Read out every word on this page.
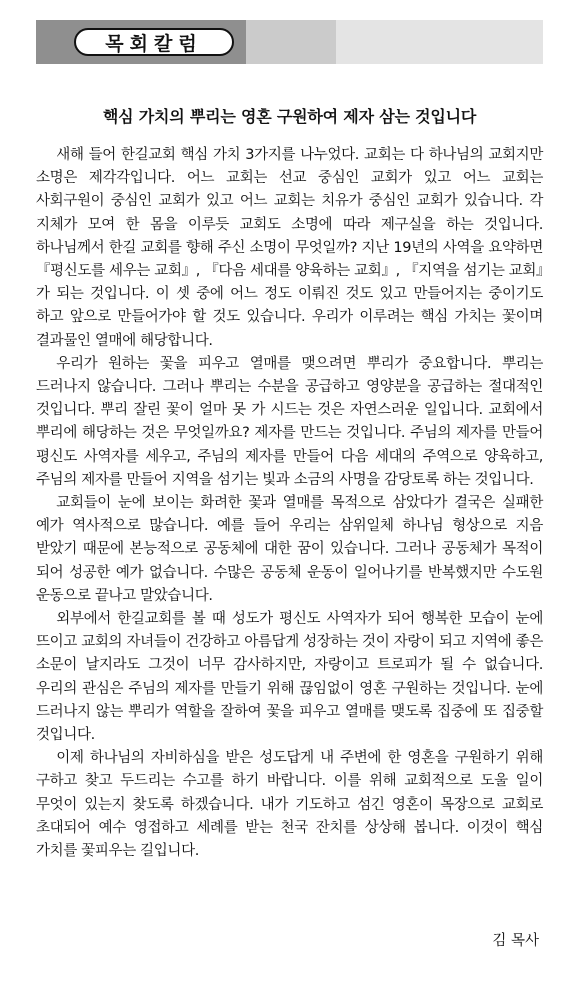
목회칼럼
핵심 가치의 뿌리는 영혼 구원하여 제자 삼는 것입니다

새해 들어 한길교회 핵심 가치 3가지를 나누었다. 교회는 다 하나님의 교회지만 소명은 제각각입니다. 어느 교회는 선교 중심인 교회가 있고 어느 교회는 사회구원이 중심인 교회가 있고 어느 교회는 치유가 중심인 교회가 있습니다. 각 지체가 모여 한 몸을 이루듯 교회도 소명에 따라 제구실을 하는 것입니다. 하나님께서 한길 교회를 향해 주신 소명이 무엇일까? 지난 19년의 사역을 요약하면 『평신도를 세우는 교회』, 『다음 세대를 양육하는 교회』, 『지역을 섬기는 교회』가 되는 것입니다. 이 셋 중에 어느 정도 이뤄진 것도 있고 만들어지는 중이기도 하고 앞으로 만들어가야 할 것도 있습니다. 우리가 이루려는 핵심 가치는 꽃이며 결과물인 열매에 해당합니다.

우리가 원하는 꽃을 피우고 열매를 맺으려면 뿌리가 중요합니다. 뿌리는 드러나지 않습니다. 그러나 뿌리는 수분을 공급하고 영양분을 공급하는 절대적인 것입니다. 뿌리 잘린 꽃이 얼마 못 가 시드는 것은 자연스러운 일입니다. 교회에서 뿌리에 해당하는 것은 무엇일까요? 제자를 만드는 것입니다. 주님의 제자를 만들어 평신도 사역자를 세우고, 주님의 제자를 만들어 다음 세대의 주역으로 양육하고, 주님의 제자를 만들어 지역을 섬기는 빛과 소금의 사명을 감당토록 하는 것입니다.

교회들이 눈에 보이는 화려한 꽃과 열매를 목적으로 삼았다가 결국은 실패한 예가 역사적으로 많습니다. 예를 들어 우리는 삼위일체 하나님 형상으로 지음 받았기 때문에 본능적으로 공동체에 대한 꿈이 있습니다. 그러나 공동체가 목적이 되어 성공한 예가 없습니다. 수많은 공동체 운동이 일어나기를 반복했지만 수도원 운동으로 끝나고 말았습니다.

외부에서 한길교회를 볼 때 성도가 평신도 사역자가 되어 행복한 모습이 눈에 뜨이고 교회의 자녀들이 건강하고 아름답게 성장하는 것이 자랑이 되고 지역에 좋은 소문이 날지라도 그것이 너무 감사하지만, 자랑이고 트로피가 될 수 없습니다. 우리의 관심은 주님의 제자를 만들기 위해 끊임없이 영혼 구원하는 것입니다. 눈에 드러나지 않는 뿌리가 역할을 잘하여 꽃을 피우고 열매를 맺도록 집중에 또 집중할 것입니다.

이제 하나님의 자비하심을 받은 성도답게 내 주변에 한 영혼을 구원하기 위해 구하고 찾고 두드리는 수고를 하기 바랍니다. 이를 위해 교회적으로 도울 일이 무엇이 있는지 찾도록 하겠습니다. 내가 기도하고 섬긴 영혼이 목장으로 교회로 초대되어 예수 영접하고 세례를 받는 천국 잔치를 상상해 봅니다. 이것이 핵심 가치를 꽃피우는 길입니다.

김 목사
